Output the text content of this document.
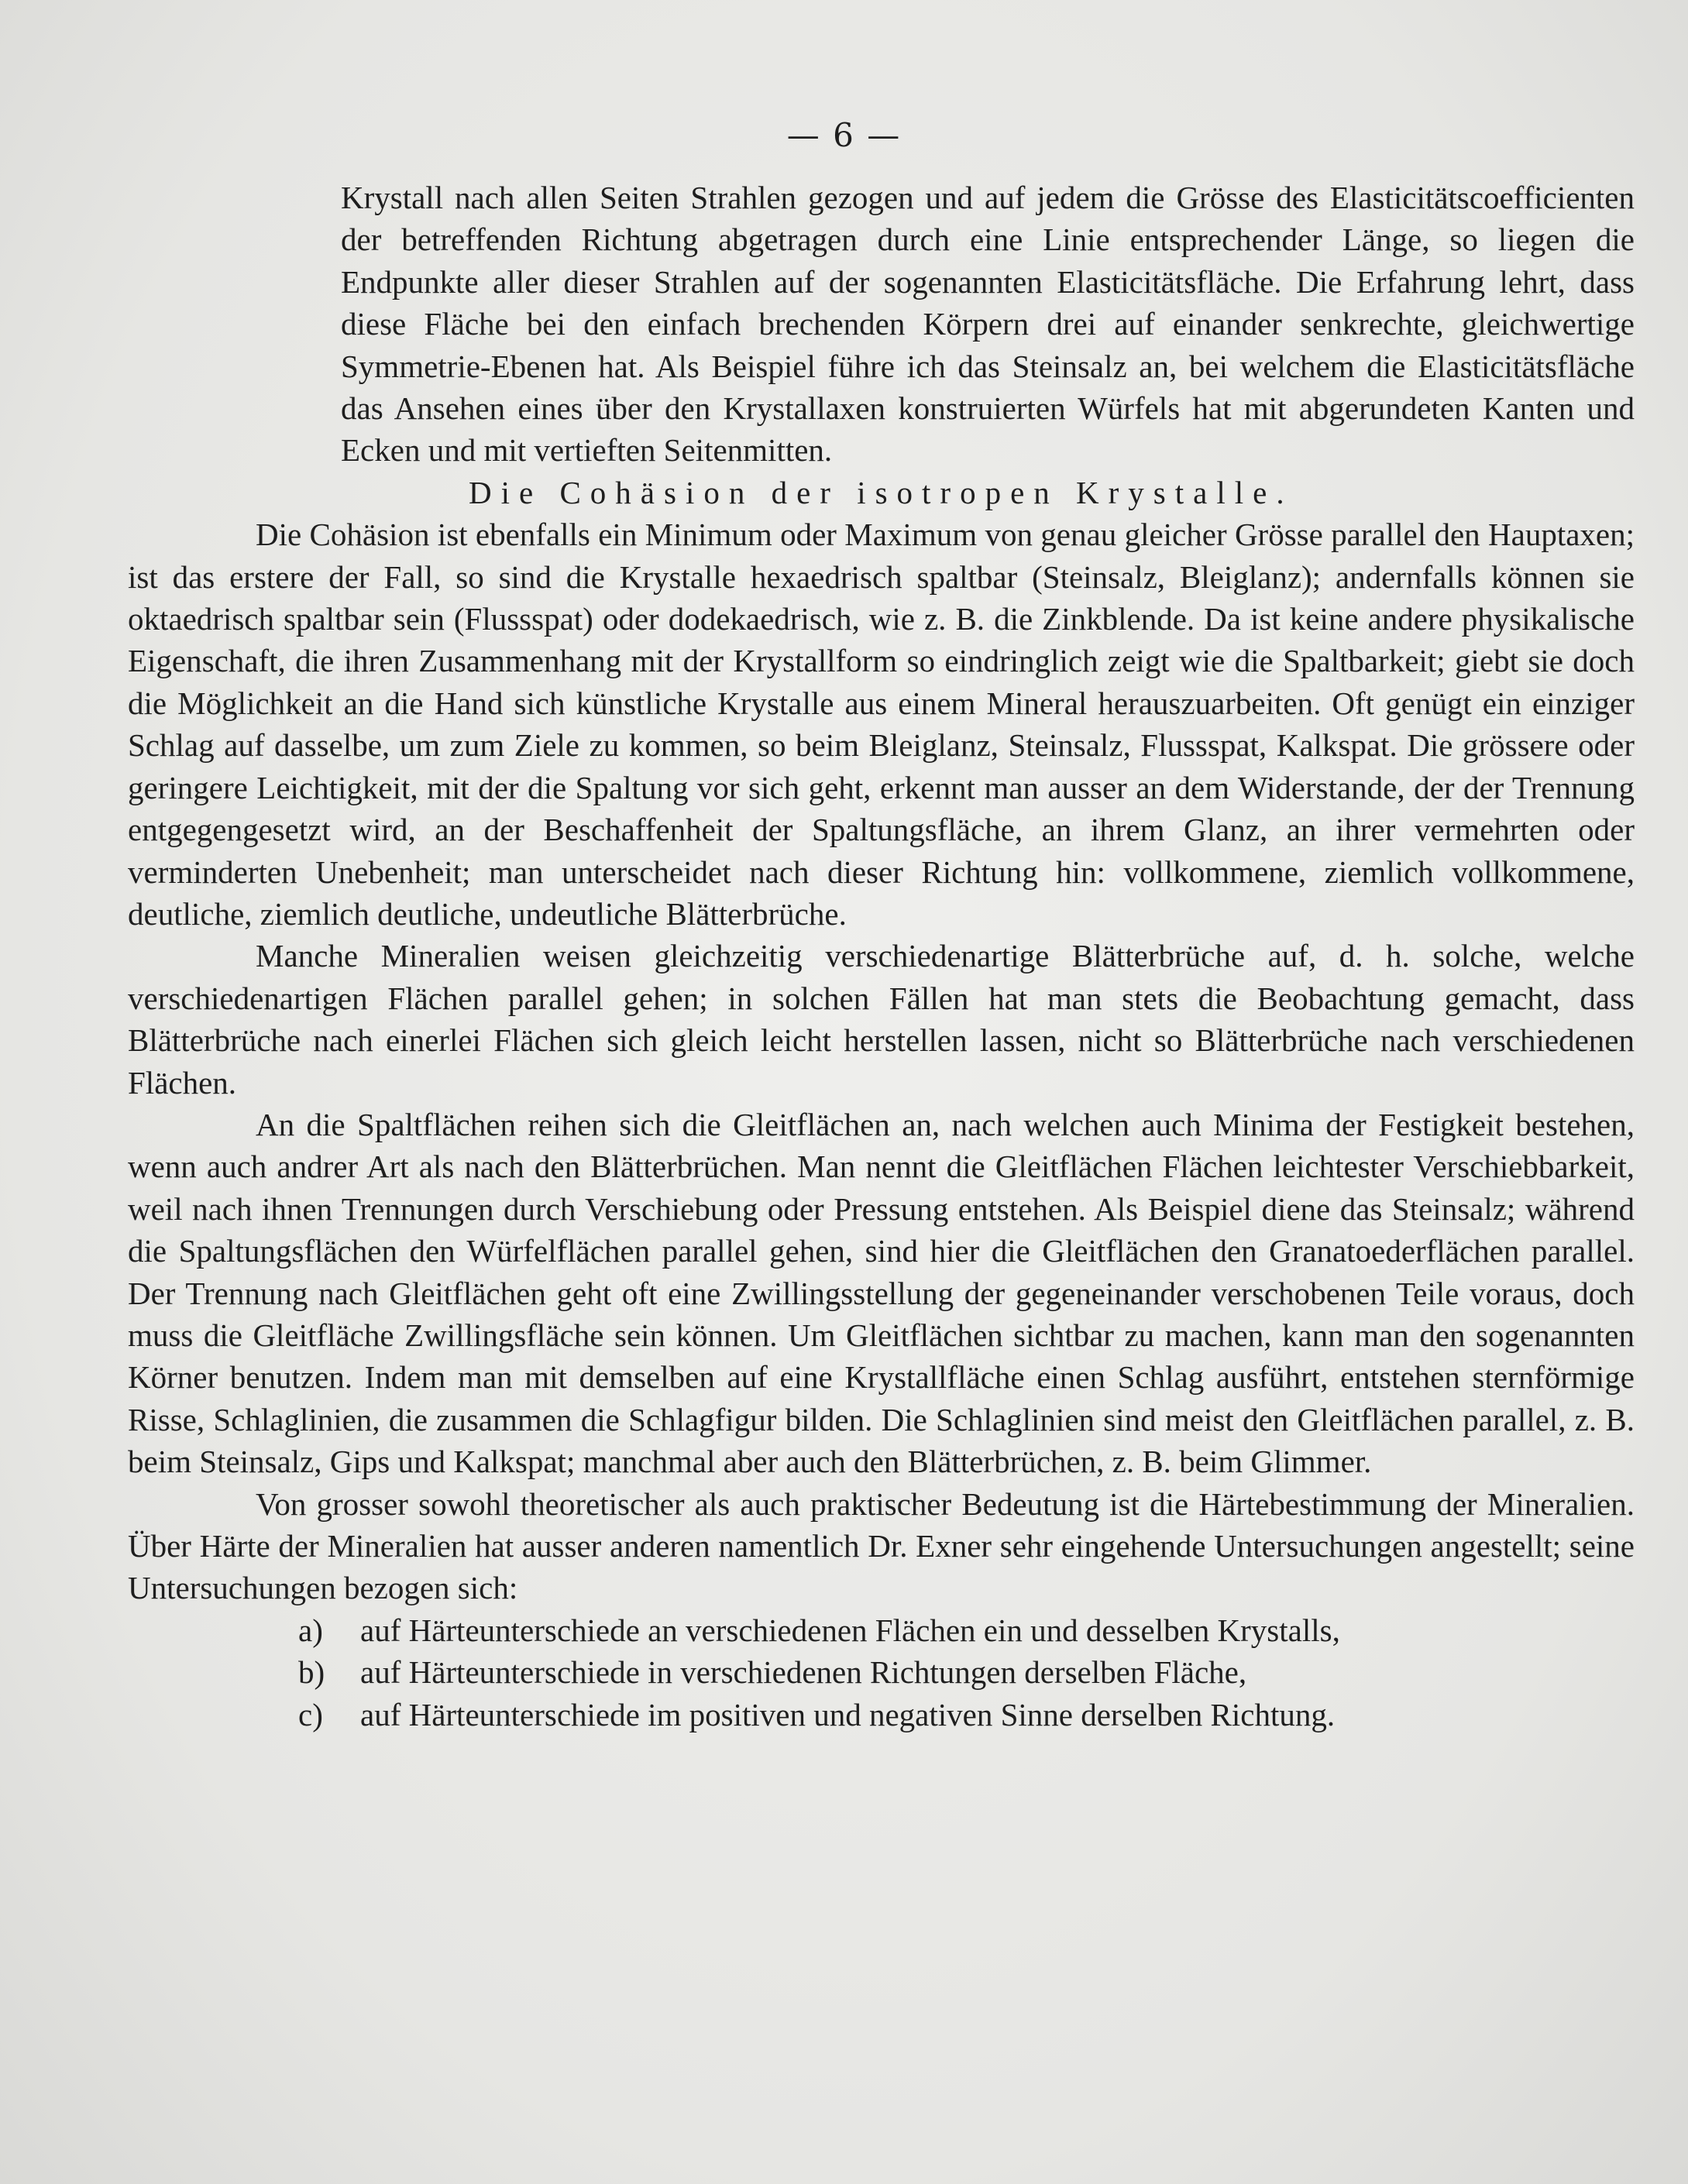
— 6 —

Krystall nach allen Seiten Strahlen gezogen und auf jedem die Grösse des Elasticitätscoefficienten der betreffenden Richtung abgetragen durch eine Linie entsprechender Länge, so liegen die Endpunkte aller dieser Strahlen auf der sogenannten Elasticitätsfläche. Die Erfahrung lehrt, dass diese Fläche bei den einfach brechenden Körpern drei auf einander senkrechte, gleichwertige Symmetrie-Ebenen hat. Als Beispiel führe ich das Steinsalz an, bei welchem die Elasticitätsfläche das Ansehen eines über den Krystallaxen konstruierten Würfels hat mit abgerundeten Kanten und Ecken und mit vertieften Seitenmitten.

Die Cohäsion der isotropen Krystalle.

Die Cohäsion ist ebenfalls ein Minimum oder Maximum von genau gleicher Grösse parallel den Hauptaxen; ist das erstere der Fall, so sind die Krystalle hexaedrisch spaltbar (Steinsalz, Bleiglanz); andernfalls können sie oktaedrisch spaltbar sein (Flussspat) oder dodekaedrisch, wie z. B. die Zinkblende. Da ist keine andere physikalische Eigenschaft, die ihren Zusammenhang mit der Krystallform so eindringlich zeigt wie die Spaltbarkeit; giebt sie doch die Möglichkeit an die Hand sich künstliche Krystalle aus einem Mineral herauszuarbeiten. Oft genügt ein einziger Schlag auf dasselbe, um zum Ziele zu kommen, so beim Bleiglanz, Steinsalz, Flussspat, Kalkspat. Die grössere oder geringere Leichtigkeit, mit der die Spaltung vor sich geht, erkennt man ausser an dem Widerstande, der der Trennung entgegengesetzt wird, an der Beschaffenheit der Spaltungsfläche, an ihrem Glanz, an ihrer vermehrten oder verminderten Unebenheit; man unterscheidet nach dieser Richtung hin: vollkommene, ziemlich vollkommene, deutliche, ziemlich deutliche, undeutliche Blätterbrüche.

Manche Mineralien weisen gleichzeitig verschiedenartige Blätterbrüche auf, d. h. solche, welche verschiedenartigen Flächen parallel gehen; in solchen Fällen hat man stets die Beobachtung gemacht, dass Blätterbrüche nach einerlei Flächen sich gleich leicht herstellen lassen, nicht so Blätterbrüche nach verschiedenen Flächen.

An die Spaltflächen reihen sich die Gleitflächen an, nach welchen auch Minima der Festigkeit bestehen, wenn auch andrer Art als nach den Blätterbrüchen. Man nennt die Gleitflächen Flächen leichtester Verschiebbarkeit, weil nach ihnen Trennungen durch Verschiebung oder Pressung entstehen. Als Beispiel diene das Steinsalz; während die Spaltungsflächen den Würfelflächen parallel gehen, sind hier die Gleitflächen den Granatoederflächen parallel. Der Trennung nach Gleitflächen geht oft eine Zwillingsstellung der gegeneinander verschobenen Teile voraus, doch muss die Gleitfläche Zwillingsfläche sein können. Um Gleitflächen sichtbar zu machen, kann man den sogenannten Körner benutzen. Indem man mit demselben auf eine Krystallfläche einen Schlag ausführt, entstehen sternförmige Risse, Schlaglinien, die zusammen die Schlagfigur bilden. Die Schlaglinien sind meist den Gleitflächen parallel, z. B. beim Steinsalz, Gips und Kalkspat; manchmal aber auch den Blätterbrüchen, z. B. beim Glimmer.

Von grosser sowohl theoretischer als auch praktischer Bedeutung ist die Härtebestimmung der Mineralien. Über Härte der Mineralien hat ausser anderen namentlich Dr. Exner sehr eingehende Untersuchungen angestellt; seine Untersuchungen bezogen sich:

a) auf Härteunterschiede an verschiedenen Flächen ein und desselben Krystalls,
b) auf Härteunterschiede in verschiedenen Richtungen derselben Fläche,
c) auf Härteunterschiede im positiven und negativen Sinne derselben Richtung.
